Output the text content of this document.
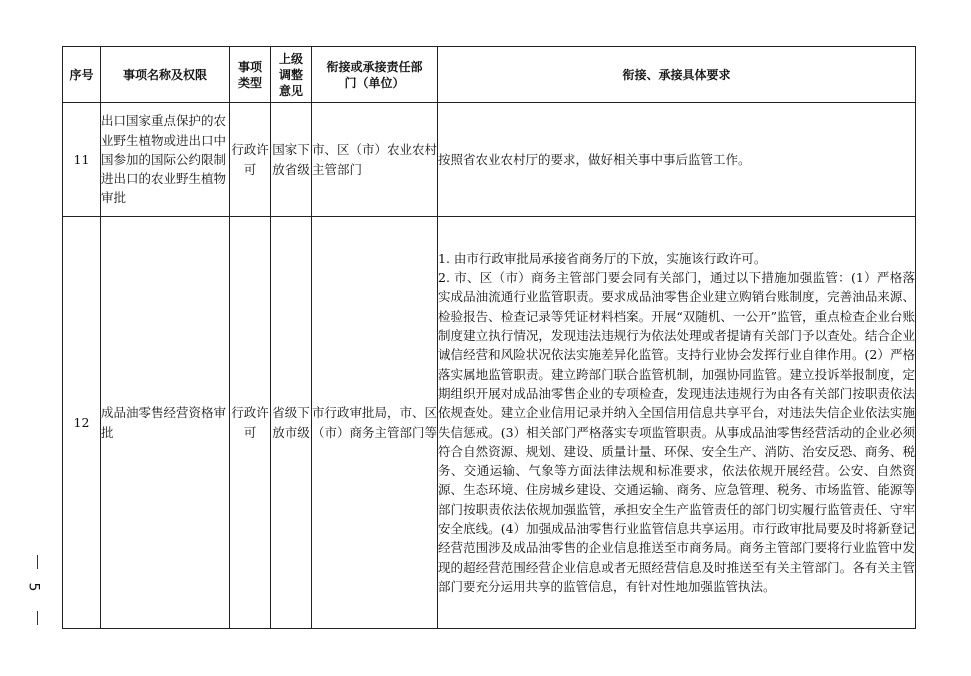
序号	事项名称及权限	事项类型	上级调整意见	衔接或承接责任部门（单位）	衔接、承接具体要求
11	出口国家重点保护的农业野生植物或进出口中国参加的国际公约限制进出口的农业野生植物审批	行政许可	国家下放省级	市、区（市）农业农村主管部门	按照省农业农村厅的要求，做好相关事中事后监管工作。

12	成品油零售经营资格审批	行政许可	省级下放市级	市行政审批局，市、区（市）商务主管部门等	1. 由市行政审批局承接省商务厅的下放，实施该行政许可。

2. 市、区（市）商务主管部门要会同有关部门，通过以下措施加强监管：(1）严格落实成品油流通行业监管职责。要求成品油零售企业建立购销台账制度，完善油品来源、检验报告、检查记录等凭证材料档案。开展“双随机、一公开”监管，重点检查企业台账制度建立执行情况，发现违法违规行为依法处理或者提请有关部门予以查处。结合企业诚信经营和风险状况依法实施差异化监管。支持行业协会发挥行业自律作用。(2）严格落实属地监管职责。建立跨部门联合监管机制，加强协同监管。建立投诉举报制度，定期组织开展对成品油零售企业的专项检查，发现违法违规行为由各有关部门按职责依法依规查处。建立企业信用记录并纳入全国信用信息共享平台，对违法失信企业依法实施失信惩戒。(3）相关部门严格落实专项监管职责。从事成品油零售经营活动的企业必须符合自然资源、规划、建设、质量计量、环保、安全生产、消防、治安反恐、商务、税务、交通运输、气象等方面法律法规和标准要求，依法依规开展经营。公安、自然资源、生态环境、住房城乡建设、交通运输、商务、应急管理、税务、市场监管、能源等部门按职责依法依规加强监管，承担安全生产监管责任的部门切实履行监管责任、守牢安全底线。(4）加强成品油零售行业监管信息共享运用。市行政审批局要及时将新登记经营范围涉及成品油零售的企业信息推送至市商务局。商务主管部门要将行业监管中发现的超经营范围经营企业信息或者无照经营信息及时推送至有关主管部门。各有关主管部门要充分运用共享的监管信息，有针对性地加强监管执法。

5
